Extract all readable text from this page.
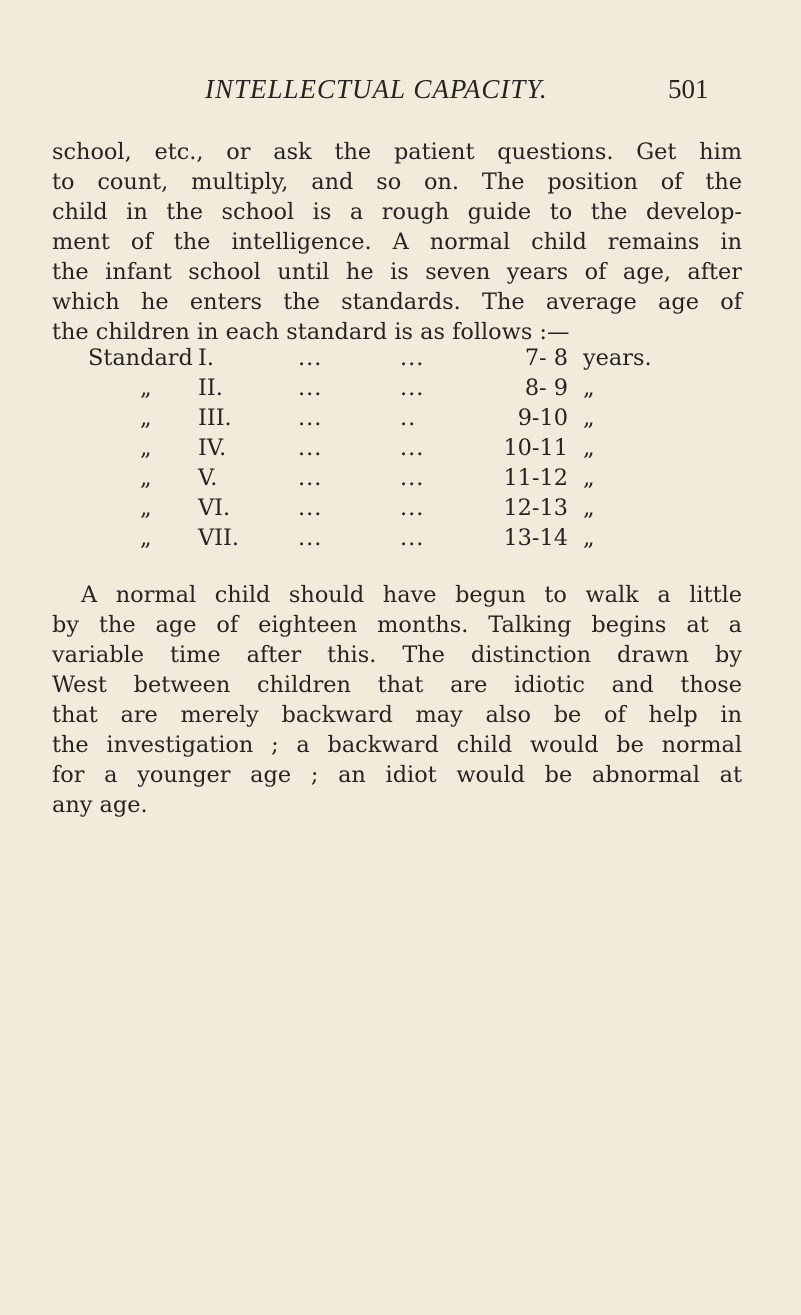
INTELLECTUAL CAPACITY.	501
school, etc., or ask the patient questions. Get him
to count, multiply, and so on. The position of the
child in the school is a rough guide to the develop-
ment of the intelligence. A normal child remains in
the infant school until he is seven years of age, after
which he enters the standards. The average age of
the children in each standard is as follows :—
Standard I.	...	...	7- 8 years.
„ II.	...	...	8- 9 „
„ III.	...	..	9-10 „
„ IV.	...	...	10-11 „
„ V.	...	...	11-12 „
„ VI.	...	...	12-13 „
„ VII.	...	...	13-14 „
A normal child should have begun to walk a little
by the age of eighteen months. Talking begins at a
variable time after this. The distinction drawn by
West between children that are idiotic and those
that are merely backward may also be of help in
the investigation ; a backward child would be normal
for a younger age ; an idiot would be abnormal at
any age.
